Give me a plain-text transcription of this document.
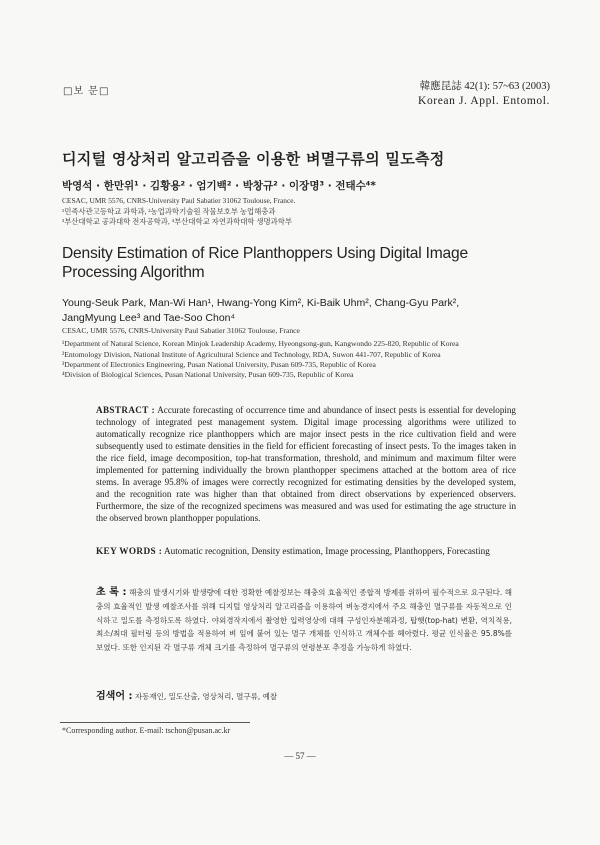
□보 문□	韓應昆誌 42(1): 57~63 (2003)
Korean J. Appl. Entomol.
디지털 영상처리 알고리즘을 이용한 벼멸구류의 밀도측정
박영석 · 한만위¹ · 김황용² · 엄기백² · 박창규² · 이장명³ · 전태수⁴*
CESAC, UMR 5576, CNRS-University Paul Sabatier 31062 Toulouse, France.
¹민족사관고등학교 과학과, ²농업과학기술원 작물보호부 농업해충과
³부산대학교 공과대학 전자공학과, ⁴부산대학교 자연과학대학 생명과학부
Density Estimation of Rice Planthoppers Using Digital Image
Processing Algorithm
Young-Seuk Park, Man-Wi Han¹, Hwang-Yong Kim², Ki-Baik Uhm², Chang-Gyu Park²,
JangMyung Lee³ and Tae-Soo Chon⁴
CESAC, UMR 5576, CNRS-University Paul Sabatier 31062 Toulouse, France
¹Department of Natural Science, Korean Minjok Leadership Academy, Hyeongsong-gun, Kangwondo 225-820, Republic of Korea
²Entomology Division, National Institute of Agricultural Science and Technology, RDA, Suwon 441-707, Republic of Korea
³Department of Electronics Engineering, Pusan National University, Pusan 609-735, Republic of Korea
⁴Division of Biological Sciences, Pusan National University, Pusan 609-735, Republic of Korea
ABSTRACT : Accurate forecasting of occurrence time and abundance of insect pests is essential for developing technology of integrated pest management system. Digital image processing algorithms were utilized to automatically recognize rice planthoppers which are major insect pests in the rice cultivation field and were subsequently used to estimate densities in the field for efficient forecasting of insect pests. To the images taken in the rice field, image decomposition, top-hat transformation, threshold, and minimum and maximum filter were implemented for patterning individually the brown planthopper specimens attached at the bottom area of rice stems. In average 95.8% of images were correctly recognized for estimating densities by the developed system, and the recognition rate was higher than that obtained from direct observations by experienced observers. Furthermore, the size of the recognized specimens was measured and was used for estimating the age structure in the observed brown planthopper populations.
KEY WORDS : Automatic recognition, Density estimation, Image processing, Planthoppers, Forecasting
초 록 : 해충의 발생시기와 발생량에 대한 정확한 예찰정보는 해충의 효율적인 종합적 방제를 위하여 필수적으로 요구된다. 해충의 효율적인 발생 예찰조사를 위해 디지털 영상처리 알고리즘을 이용하여 벼농경지에서 주요 해충인 멸구류를 자동적으로 인식하고 밀도를 측정하도록 하였다. 야외경작지에서 촬영한 입력영상에 대해 구성인자분해과정, 탑햇(top-hat) 변환, 역치적용, 최소/최대 필터링 등의 방법을 적용하여 벼 잎에 붙어 있는 멸구 개체를 인식하고 개체수를 헤아렸다. 평균 인식율은 95.8%를 보였다. 또한 인지된 각 멸구류 개체 크기를 측정하여 멸구류의 연령분포 추정을 가능하게 하였다.
검색어 : 자동재인, 밀도산출, 영상처리, 멸구류, 예찰
*Corresponding author. E-mail: tschon@pusan.ac.kr
— 57 —
